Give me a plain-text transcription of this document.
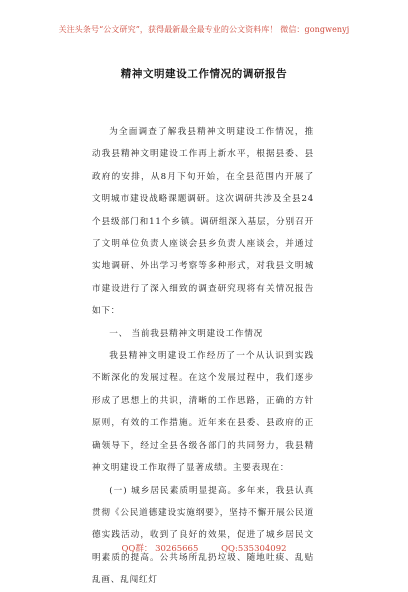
关注头条号“公文研究”，获得最新最全最专业的公文资料库！ 微信：gongwenyj
精神文明建设工作情况的调研报告

为全面调查了解我县精神文明建设工作情况，推动我县精神文明建设工作再上新水平，根据县委、县政府的安排，从8月下旬开始，在全县范围内开展了文明城市建设战略课题调研。这次调研共涉及全县24个县级部门和11个乡镇。调研组深入基层，分别召开了文明单位负责人座谈会县乡负责人座谈会，并通过实地调研、外出学习考察等多种形式，对我县文明城市建设进行了深入细致的调查研究现将有关情况报告如下：

一、 当前我县精神文明建设工作情况

我县精神文明建设工作经历了一个从认识到实践不断深化的发展过程。在这个发展过程中，我们逐步形成了思想上的共识，清晰的工作思路，正确的方针原则，有效的工作措施。近年来在县委、县政府的正确领导下，经过全县各级各部门的共同努力，我县精神文明建设工作取得了显著成绩。主要表现在：

(一) 城乡居民素质明显提高。多年来，我县认真贯彻《公民道德建设实施纲要》，坚持不懈开展公民道德实践活动，收到了良好的效果，促进了城乡居民文明素质的提高。公共场所乱扔垃圾、随地吐痰、乱贴乱画、乱闯红灯

QQ群： 30265665	QQ:535304092
